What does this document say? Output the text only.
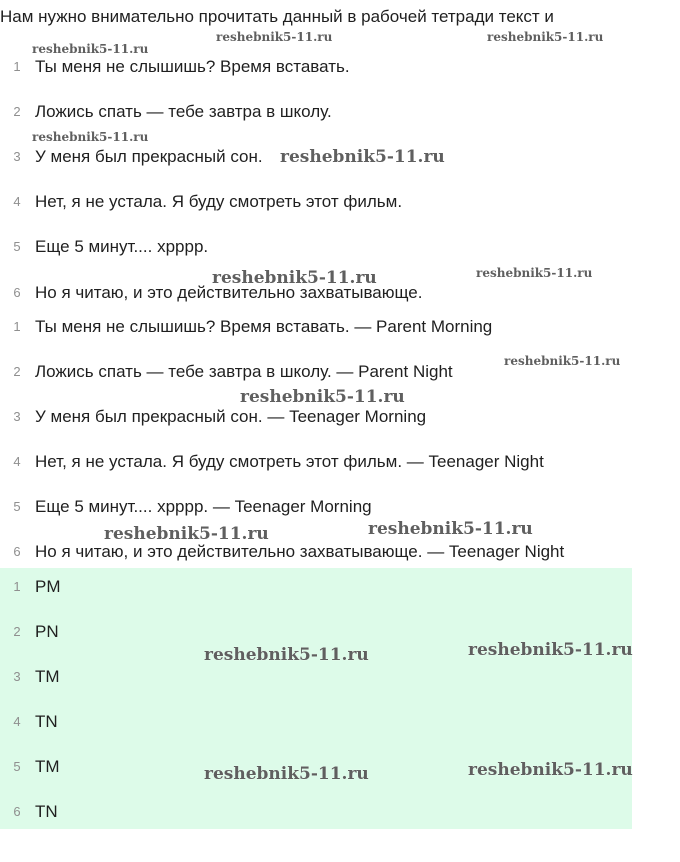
Нам нужно внимательно прочитать данный в рабочей тетради текст и
1 Ты меня не слышишь? Время вставать.
2 Ложись спать — тебе завтра в школу.
3 У меня был прекрасный сон.
4 Нет, я не устала. Я буду смотреть этот фильм.
5 Еще 5 минут.... хрррр.
6 Но я читаю, и это действительно захватывающе.
1 Ты меня не слышишь? Время вставать. — Parent Morning
2 Ложись спать — тебе завтра в школу. — Parent Night
3 У меня был прекрасный сон. — Teenager Morning
4 Нет, я не устала. Я буду смотреть этот фильм. — Teenager Night
5 Еще 5 минут.... хрррр. — Teenager Morning
6 Но я читаю, и это действительно захватывающе. — Teenager Night
1 PM
2 PN
3 TM
4 TN
5 TM
6 TN
reshebnik5-11.ru
reshebnik5-11.ru	reshebnik5-11.ru
reshebnik5-11.ru
reshebnik5-11.ru
reshebnik5-11.ru	reshebnik5-11.ru
reshebnik5-11.ru
reshebnik5-11.ru
reshebnik5-11.ru	reshebnik5-11.ru
reshebnik5-11.ru	reshebnik5-11.ru
reshebnik5-11.ru	reshebnik5-11.ru
